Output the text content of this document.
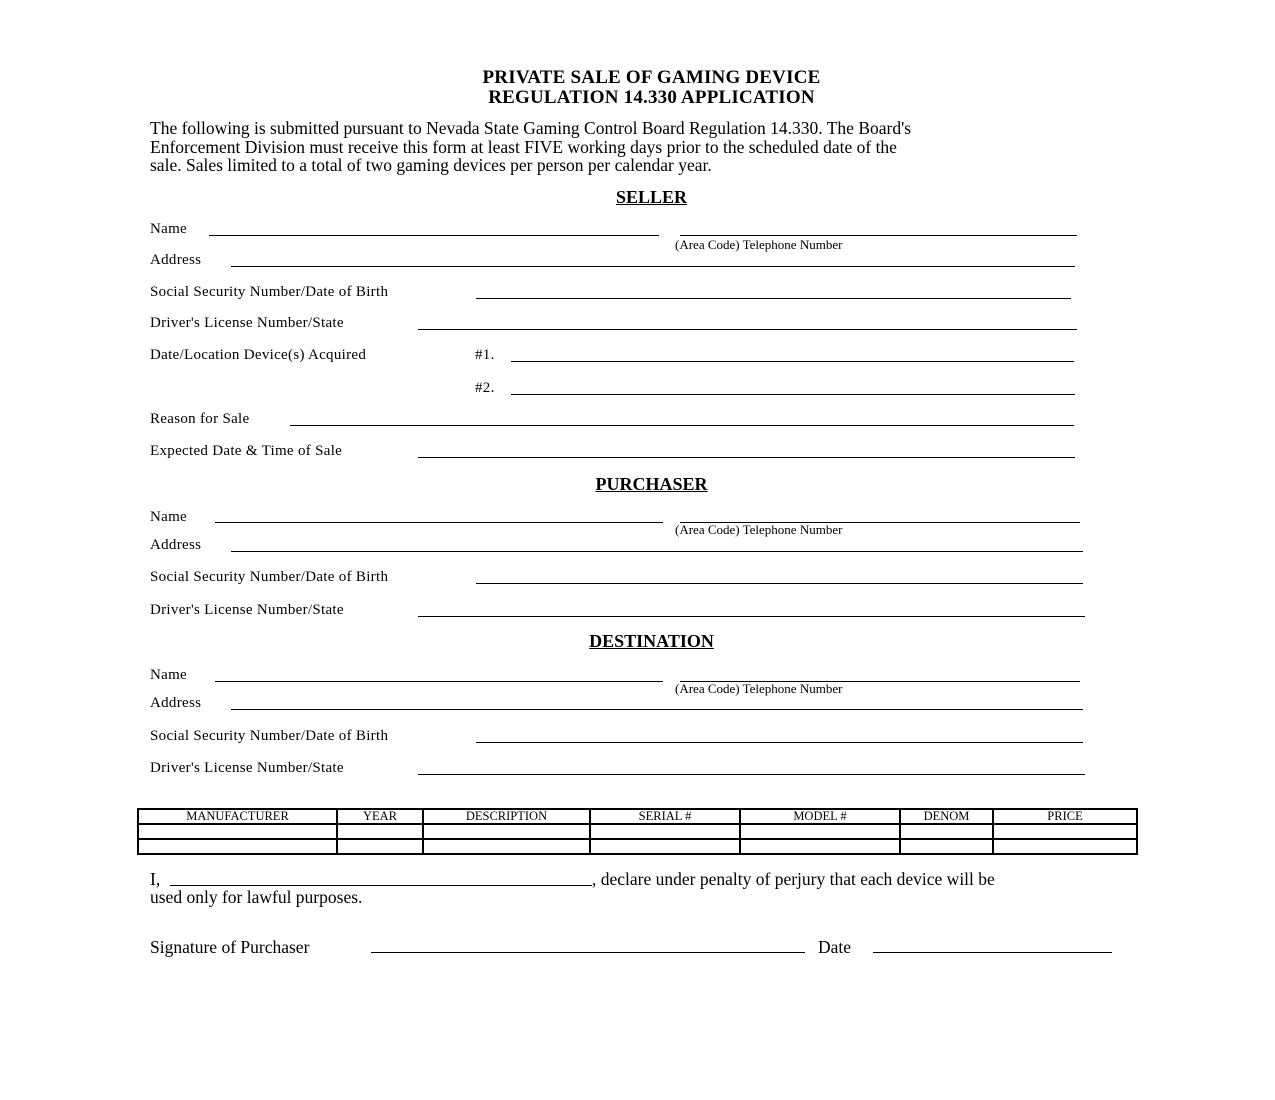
PRIVATE SALE OF GAMING DEVICE
REGULATION 14.330 APPLICATION
The following is submitted pursuant to Nevada State Gaming Control Board Regulation 14.330. The Board's
Enforcement Division must receive this form at least FIVE working days prior to the scheduled date of the
sale. Sales limited to a total of two gaming devices per person per calendar year.
SELLER
Name
(Area Code) Telephone Number
Address
Social Security Number/Date of Birth
Driver's License Number/State
Date/Location Device(s) Acquired	#1.
#2.
Reason for Sale
Expected Date & Time of Sale
PURCHASER
Name
(Area Code) Telephone Number
Address
Social Security Number/Date of Birth
Driver's License Number/State
DESTINATION
Name
(Area Code) Telephone Number
Address
Social Security Number/Date of Birth
Driver's License Number/State
MANUFACTURER	YEAR	DESCRIPTION	SERIAL #	MODEL #	DENOM	PRICE

I,	, declare under penalty of perjury that each device will be
used only for lawful purposes.
Signature of Purchaser	Date
